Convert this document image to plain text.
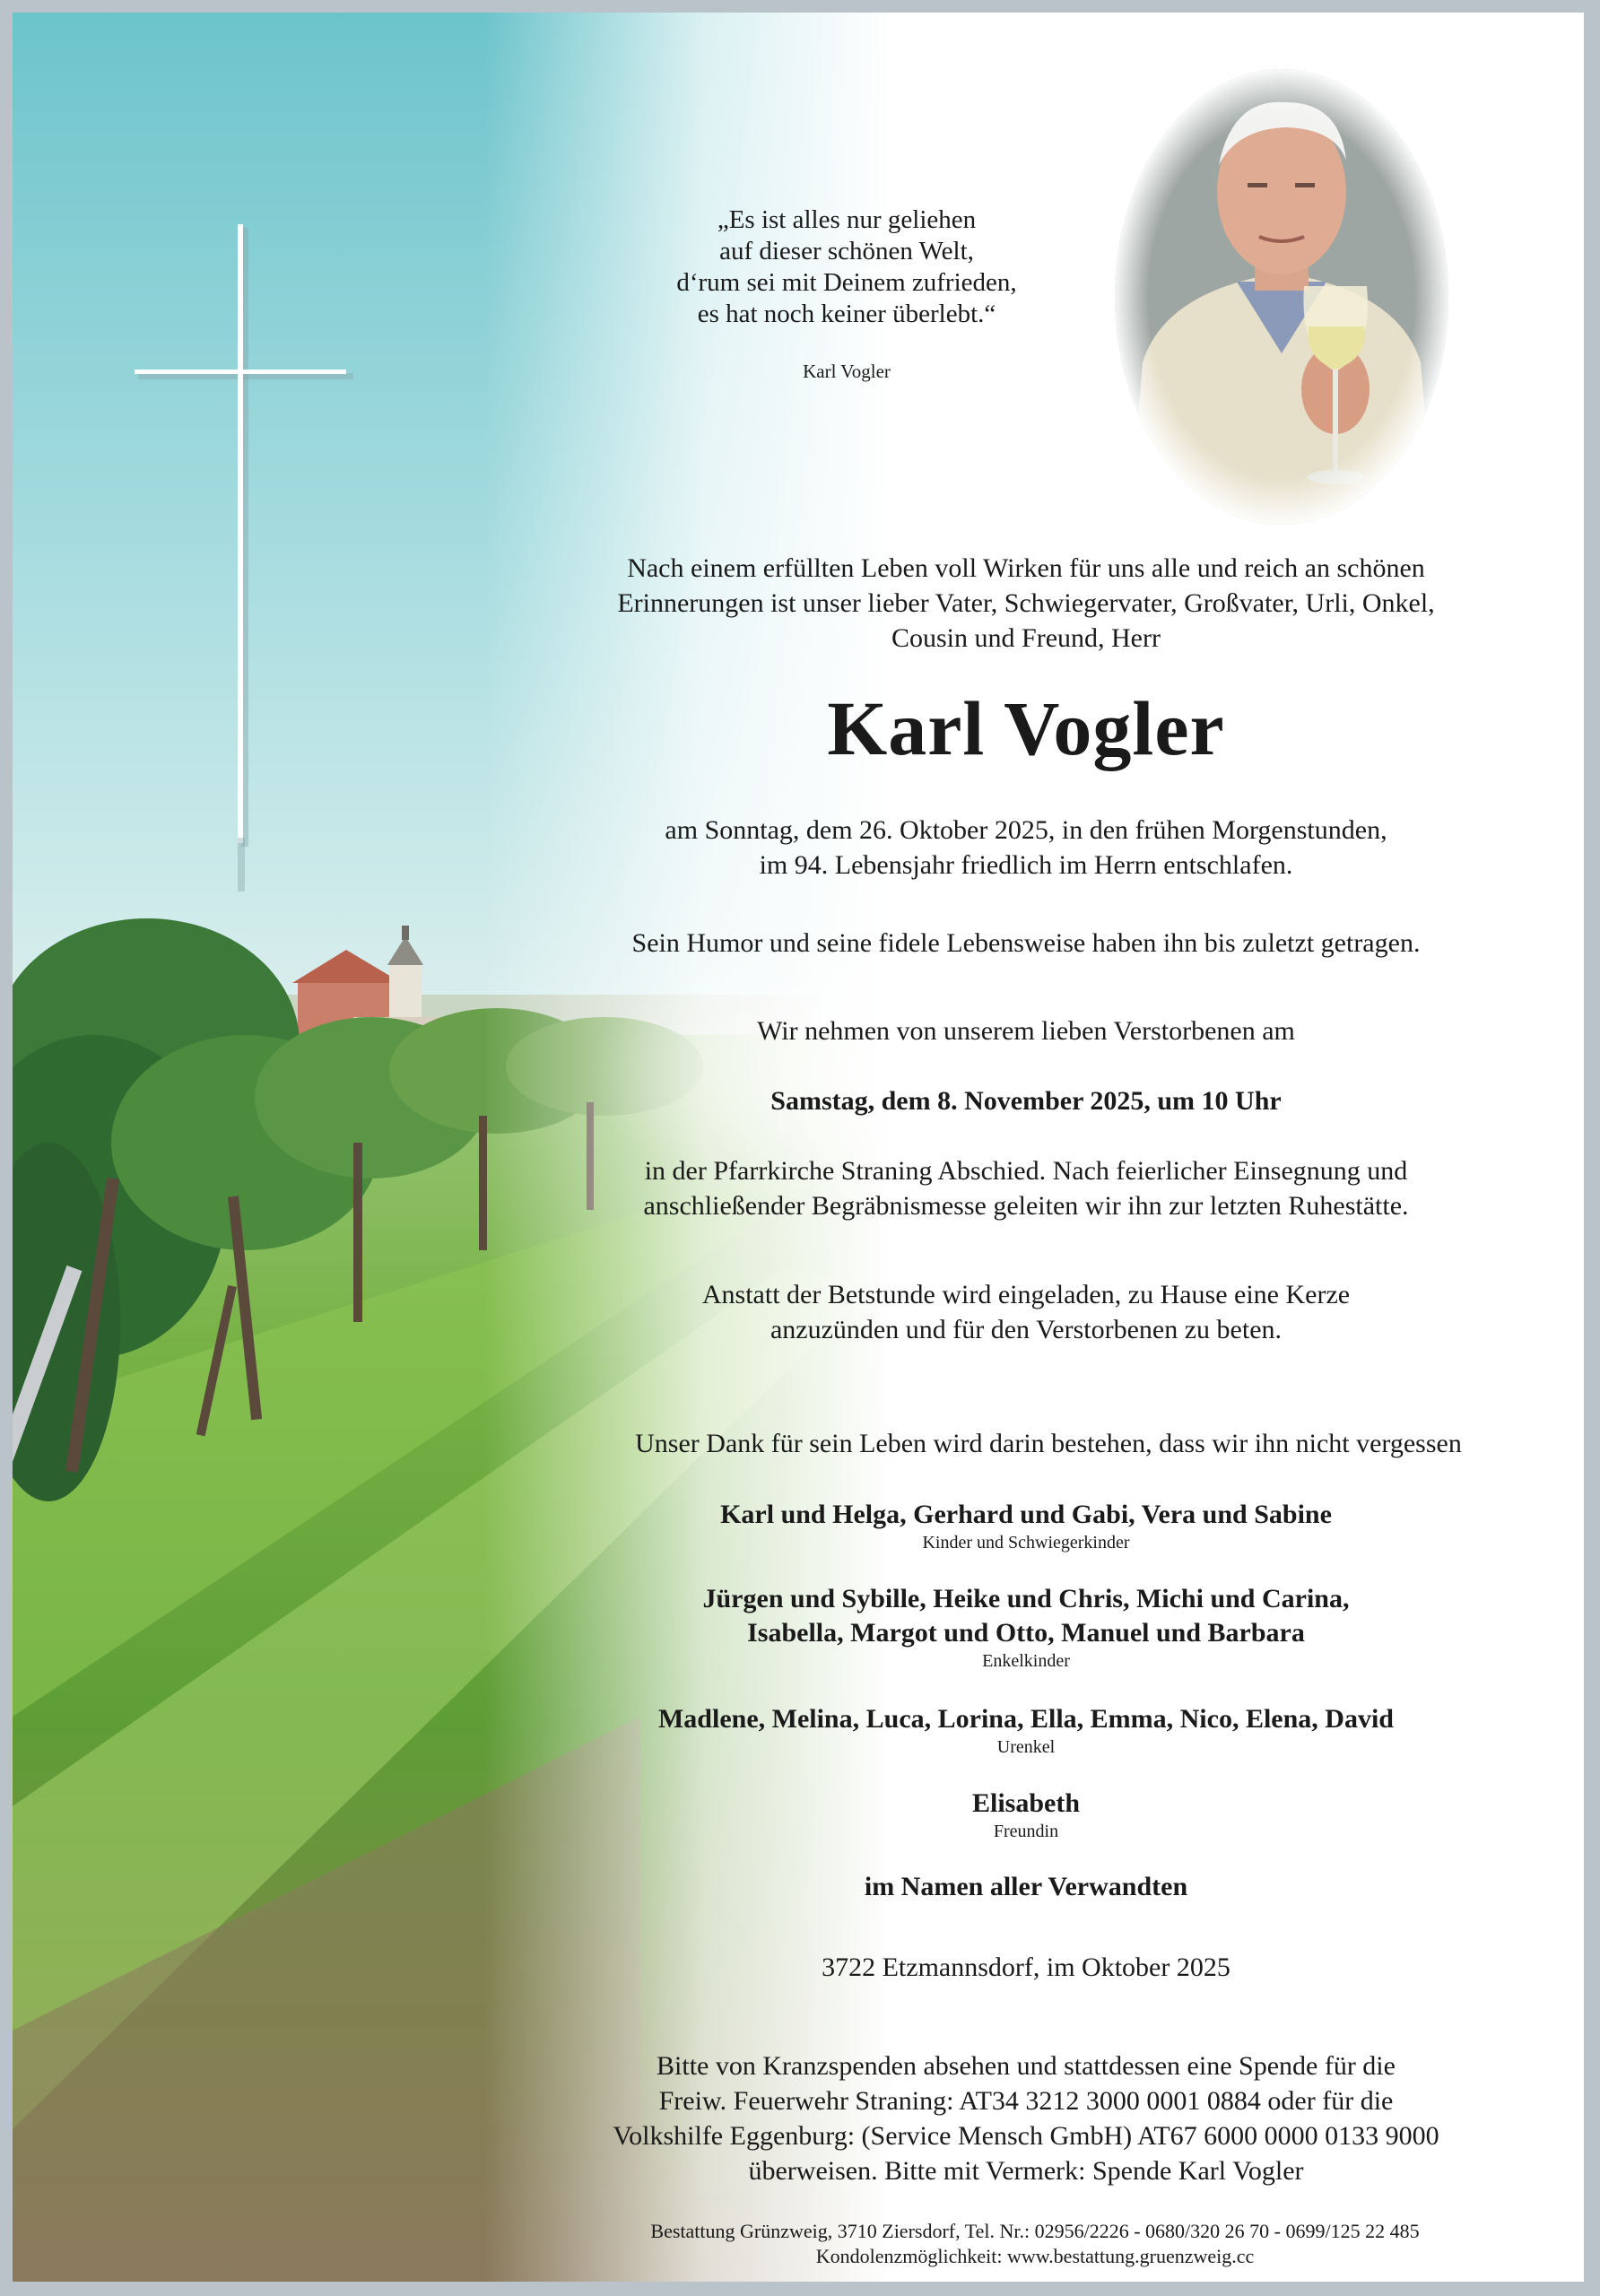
„Es ist alles nur geliehen
auf dieser schönen Welt,
d‘rum sei mit Deinem zufrieden,
es hat noch keiner überlebt.“
Karl Vogler
Nach einem erfüllten Leben voll Wirken für uns alle und reich an schönen
Erinnerungen ist unser lieber Vater, Schwiegervater, Großvater, Urli, Onkel,
Cousin und Freund, Herr
Karl Vogler
am Sonntag, dem 26. Oktober 2025, in den frühen Morgenstunden,
im 94. Lebensjahr friedlich im Herrn entschlafen.
Sein Humor und seine fidele Lebensweise haben ihn bis zuletzt getragen.
Wir nehmen von unserem lieben Verstorbenen am
Samstag, dem 8. November 2025, um 10 Uhr
in der Pfarrkirche Straning Abschied. Nach feierlicher Einsegnung und
anschließender Begräbnismesse geleiten wir ihn zur letzten Ruhestätte.
Anstatt der Betstunde wird eingeladen, zu Hause eine Kerze
anzuzünden und für den Verstorbenen zu beten.
Unser Dank für sein Leben wird darin bestehen, dass wir ihn nicht vergessen
Karl und Helga, Gerhard und Gabi, Vera und Sabine
Kinder und Schwiegerkinder
Jürgen und Sybille, Heike und Chris, Michi und Carina,
Isabella, Margot und Otto, Manuel und Barbara
Enkelkinder
Madlene, Melina, Luca, Lorina, Ella, Emma, Nico, Elena, David
Urenkel
Elisabeth
Freundin
im Namen aller Verwandten
3722 Etzmannsdorf, im Oktober 2025
Bitte von Kranzspenden absehen und stattdessen eine Spende für die
Freiw. Feuerwehr Straning: AT34 3212 3000 0001 0884 oder für die
Volkshilfe Eggenburg: (Service Mensch GmbH) AT67 6000 0000 0133 9000
überweisen. Bitte mit Vermerk: Spende Karl Vogler
Bestattung Grünzweig, 3710 Ziersdorf, Tel. Nr.: 02956/2226 - 0680/320 26 70 - 0699/125 22 485
Kondolenzmöglichkeit: www.bestattung.gruenzweig.cc
